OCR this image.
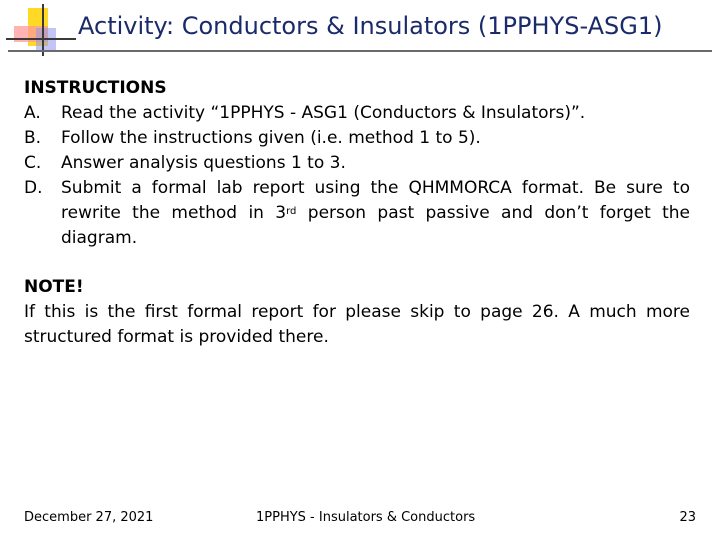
Activity: Conductors & Insulators (1PPHYS-ASG1)
INSTRUCTIONS
A.	Read the activity “1PPHYS - ASG1 (Conductors & Insulators)”.
B.	Follow the instructions given (i.e. method 1 to 5).
C.	Answer analysis questions 1 to 3.
D.	Submit a formal lab report using the QHMMORCA format. Be sure to rewrite the method in 3rd person past passive and don’t forget the diagram.
NOTE!
If this is the first formal report for please skip to page 26. A much more structured format is provided there.
December 27, 2021	1PPHYS - Insulators & Conductors	23
